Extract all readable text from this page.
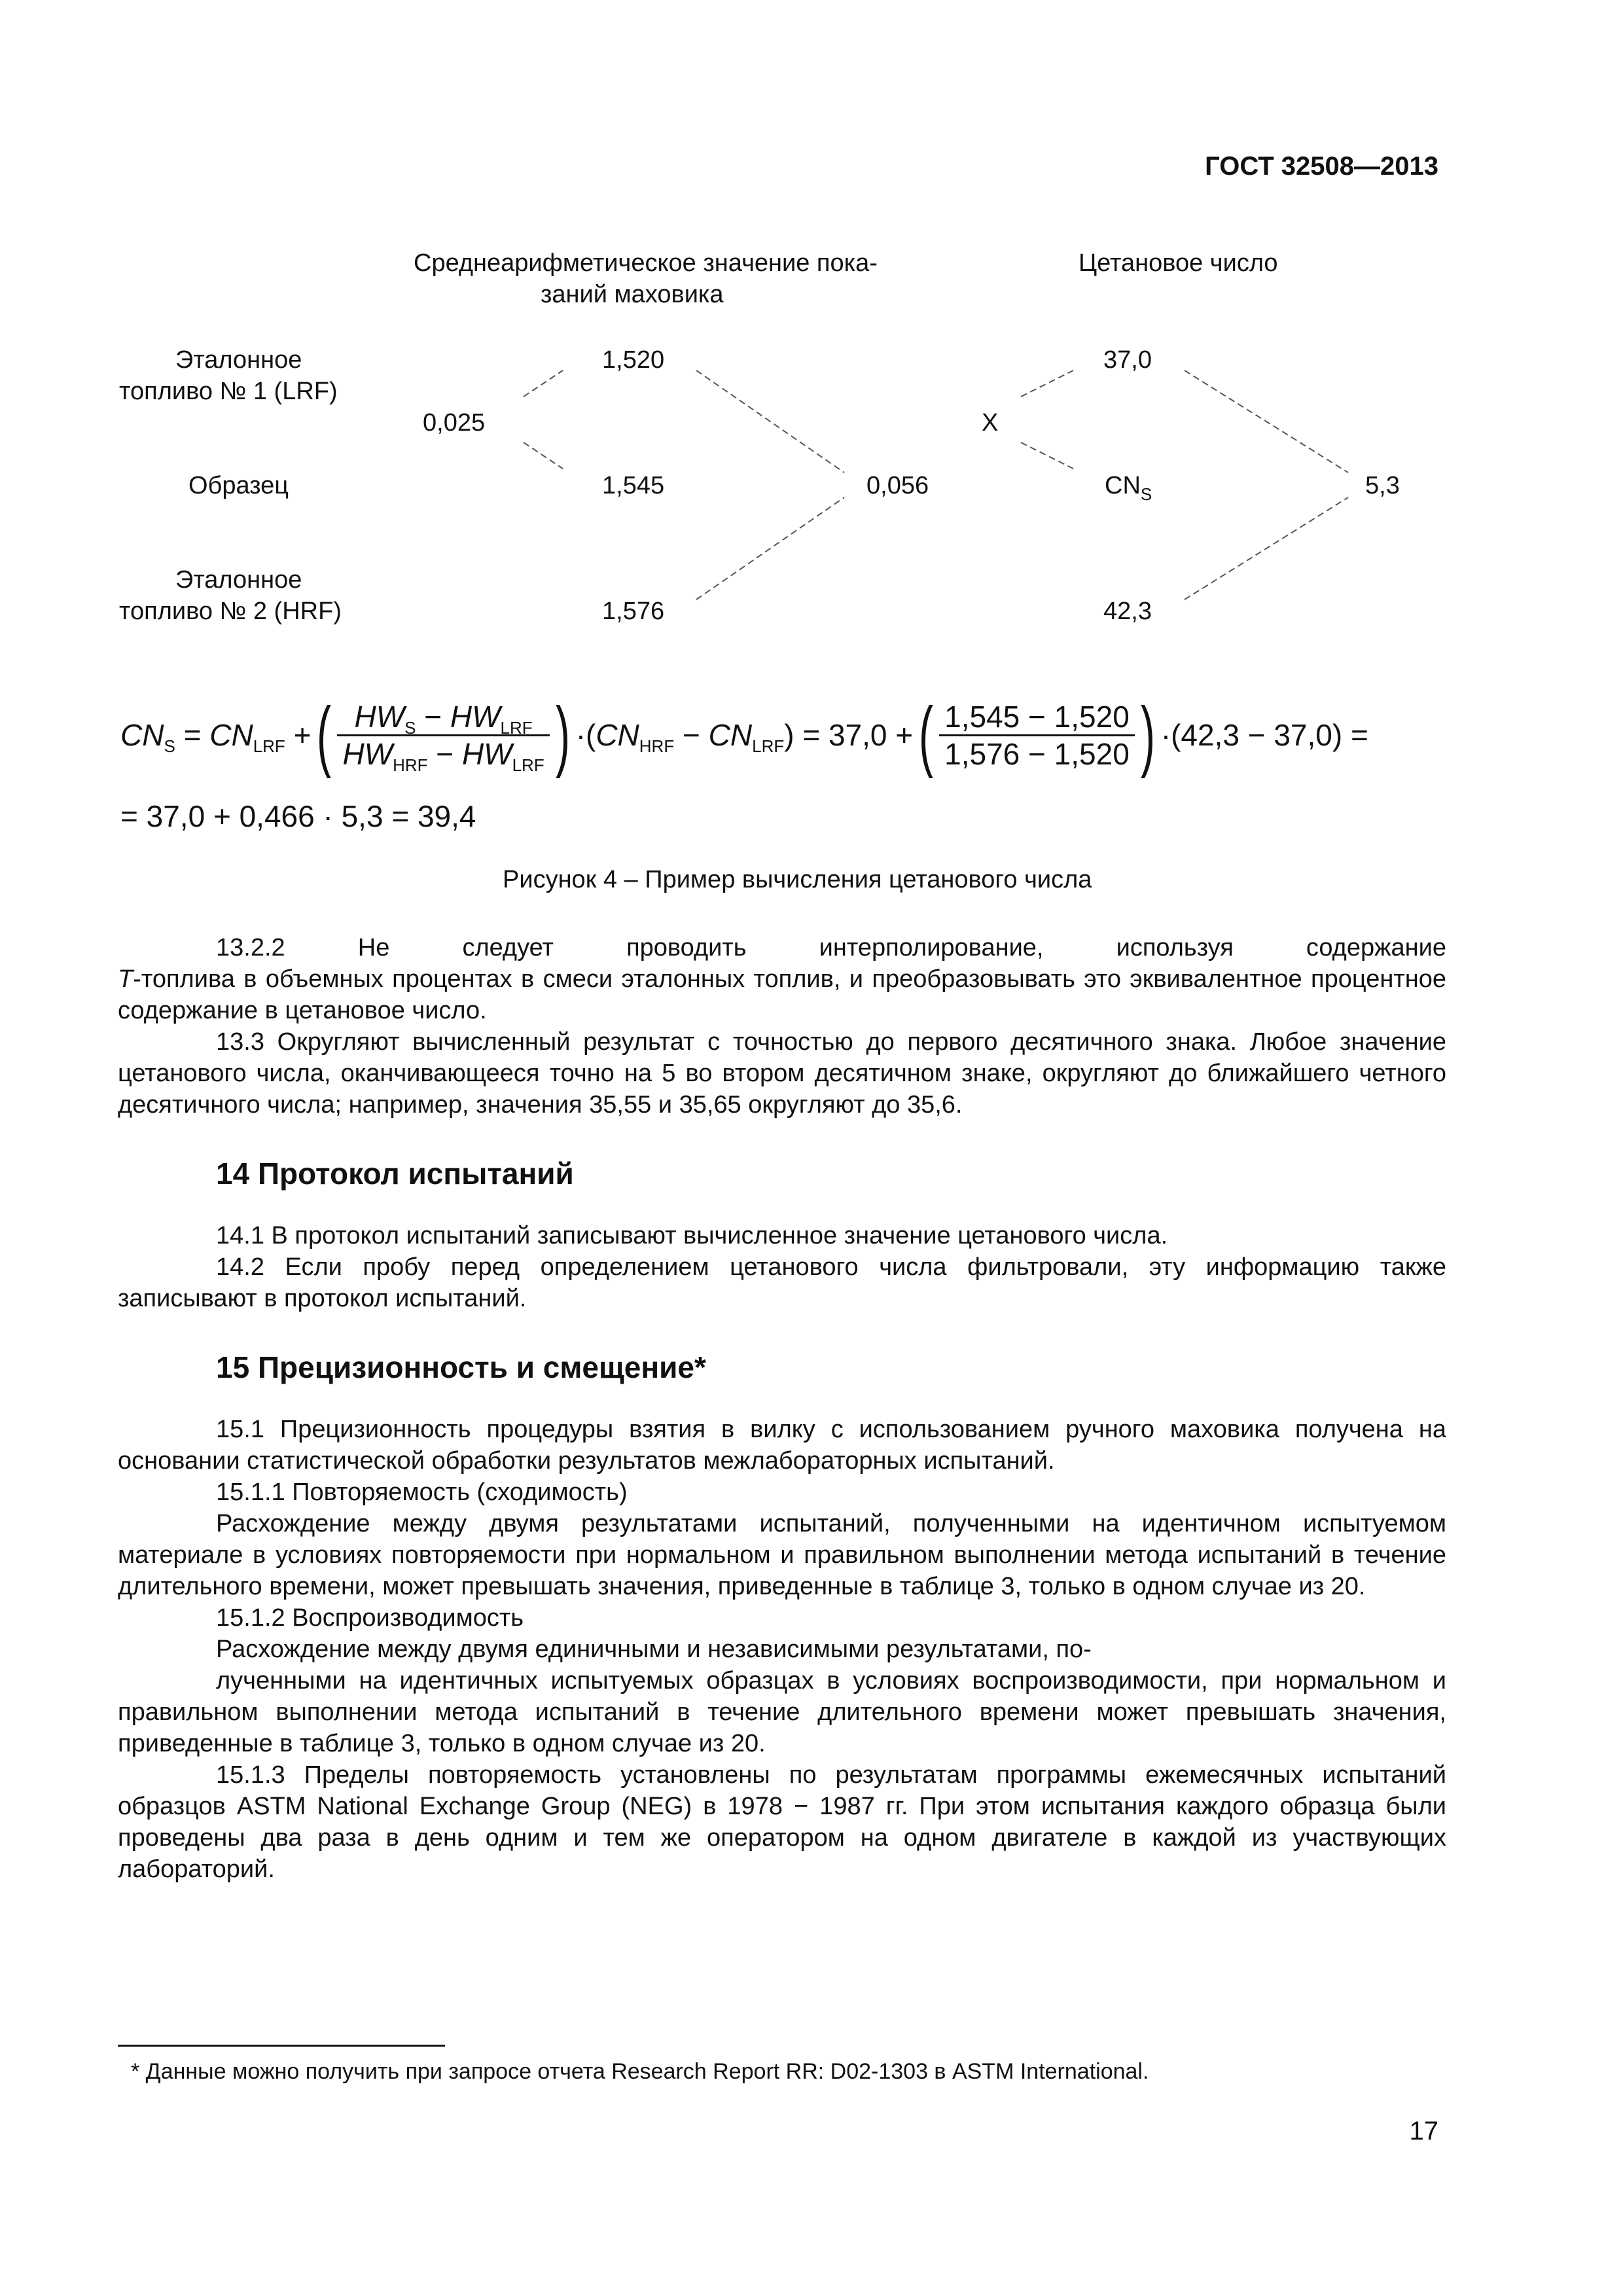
ГОСТ 32508—2013
Среднеарифметическое значение пока-
заний маховика
Цетановое число
Эталонное
топливо № 1 (LRF)
Образец
Эталонное
топливо № 2 (HRF)
1,520
1,545
1,576
0,025
0,056
37,0
$CN_S$
42,3
X
5,3
$CN_S = CN_{LRF}$ + ( $\frac{HW_S - HW_{LRF}}{HW_{HRF} - HW_{LRF}}$ ) $\cdot(CN_{HRF} - CN_{LRF}) = 37,0$ + ( $\frac{1,545 - 1,520}{1,576 - 1,520}$ ) ·(42,3 − 37,0) =
= 37,0 + 0,466 · 5,3 = 39,4
Рисунок 4 – Пример вычисления цетанового числа

13.2.2 Не следует проводить интерполирование, используя содержание

T-топлива в объемных процентах в смеси эталонных топлив, и преобразовывать это эквивалентное процентное содержание в цетановое число.

13.3 Округляют вычисленный результат с точностью до первого десятичного знака. Любое значение цетанового числа, оканчивающееся точно на 5 во втором десятичном знаке, округляют до ближайшего четного десятичного числа; например, значения 35,55 и 35,65 округляют до 35,6.

14 Протокол испытаний

14.1 В протокол испытаний записывают вычисленное значение цетанового числа.

14.2 Если пробу перед определением цетанового числа фильтровали, эту информацию также записывают в протокол испытаний.

15 Прецизионность и смещение*

15.1 Прецизионность процедуры взятия в вилку с использованием ручного маховика получена на основании статистической обработки результатов межлабораторных испытаний.

15.1.1 Повторяемость (сходимость)

Расхождение между двумя результатами испытаний, полученными на идентичном испытуемом материале в условиях повторяемости при нормальном и правильном выполнении метода испытаний в течение длительного времени, может превышать значения, приведенные в таблице 3, только в одном случае из 20.

15.1.2 Воспроизводимость

Расхождение между двумя единичными и независимыми результатами, по-

лученными на идентичных испытуемых образцах в условиях воспроизводимости, при нормальном и правильном выполнении метода испытаний в течение длительного времени может превышать значения, приведенные в таблице 3, только в одном случае из 20.

15.1.3 Пределы повторяемость установлены по результатам программы ежемесячных испытаний образцов ASTM National Exchange Group (NEG) в 1978 − 1987 гг. При этом испытания каждого образца были проведены два раза в день одним и тем же оператором на одном двигателе в каждой из участвующих лабораторий.

* Данные можно получить при запросе отчета Research Report RR: D02-1303 в ASTM International.
17
